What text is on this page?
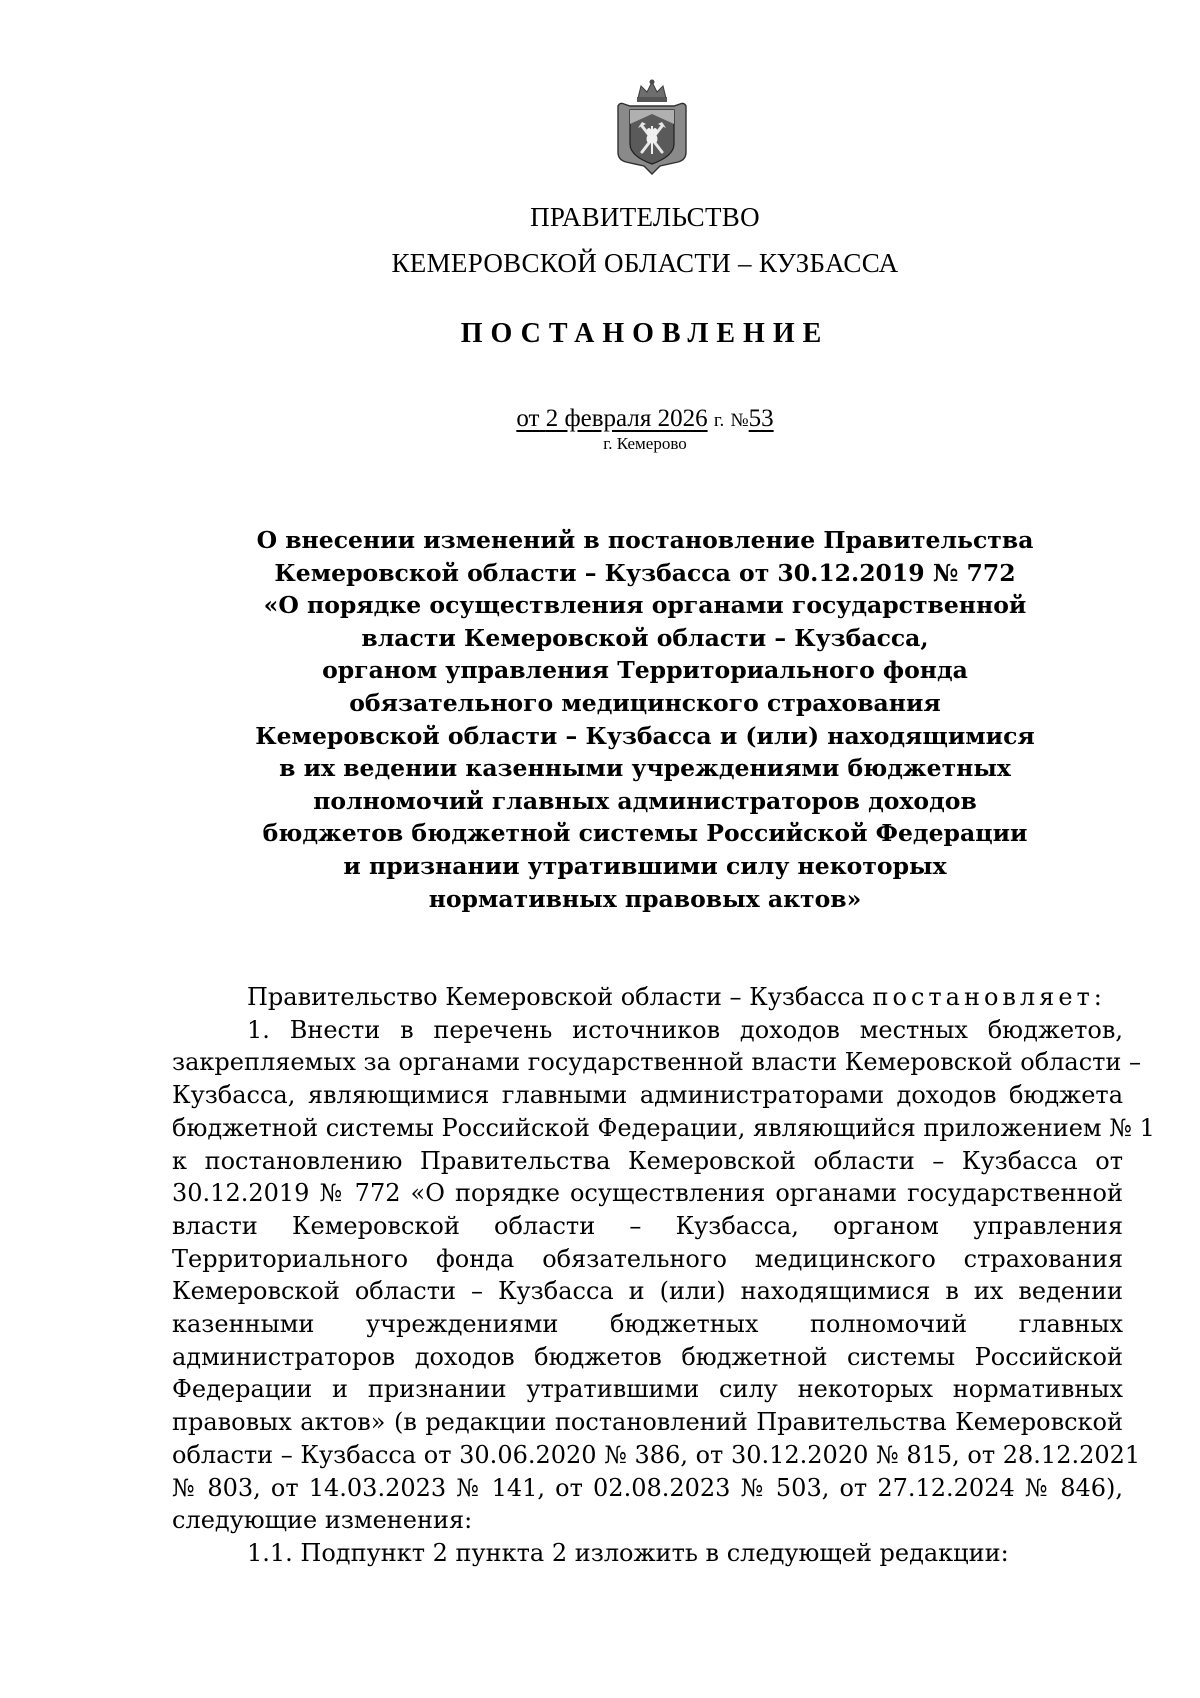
ПРАВИТЕЛЬСТВО
КЕМЕРОВСКОЙ ОБЛАСТИ – КУЗБАССА
ПОСТАНОВЛЕНИЕ
от 2 февраля 2026 г. №53
г. Кемерово
О внесении изменений в постановление Правительства
Кемеровской области – Кузбасса от 30.12.2019 № 772
«О порядке осуществления органами государственной
власти Кемеровской области – Кузбасса,
органом управления Территориального фонда
обязательного медицинского страхования
Кемеровской области – Кузбасса и (или) находящимися
в их ведении казенными учреждениями бюджетных
полномочий главных администраторов доходов
бюджетов бюджетной системы Российской Федерации
и признании утратившими силу некоторых
нормативных правовых актов»

Правительство Кемеровской области – Кузбасса постановляет:

1. Внести в перечень источников доходов местных бюджетов,
закрепляемых за органами государственной власти Кемеровской области –
Кузбасса, являющимися главными администраторами доходов бюджета
бюджетной системы Российской Федерации, являющийся приложением № 1
к постановлению Правительства Кемеровской области – Кузбасса от
30.12.2019 № 772 «О порядке осуществления органами государственной
власти Кемеровской области – Кузбасса, органом управления
Территориального фонда обязательного медицинского страхования
Кемеровской области – Кузбасса и (или) находящимися в их ведении
казенными учреждениями бюджетных полномочий главных
администраторов доходов бюджетов бюджетной системы Российской
Федерации и признании утратившими силу некоторых нормативных
правовых актов» (в редакции постановлений Правительства Кемеровской
области – Кузбасса от 30.06.2020 № 386, от 30.12.2020 № 815, от 28.12.2021
№ 803, от 14.03.2023 № 141, от 02.08.2023 № 503, от 27.12.2024 № 846),
следующие изменения:

1.1. Подпункт 2 пункта 2 изложить в следующей редакции:
